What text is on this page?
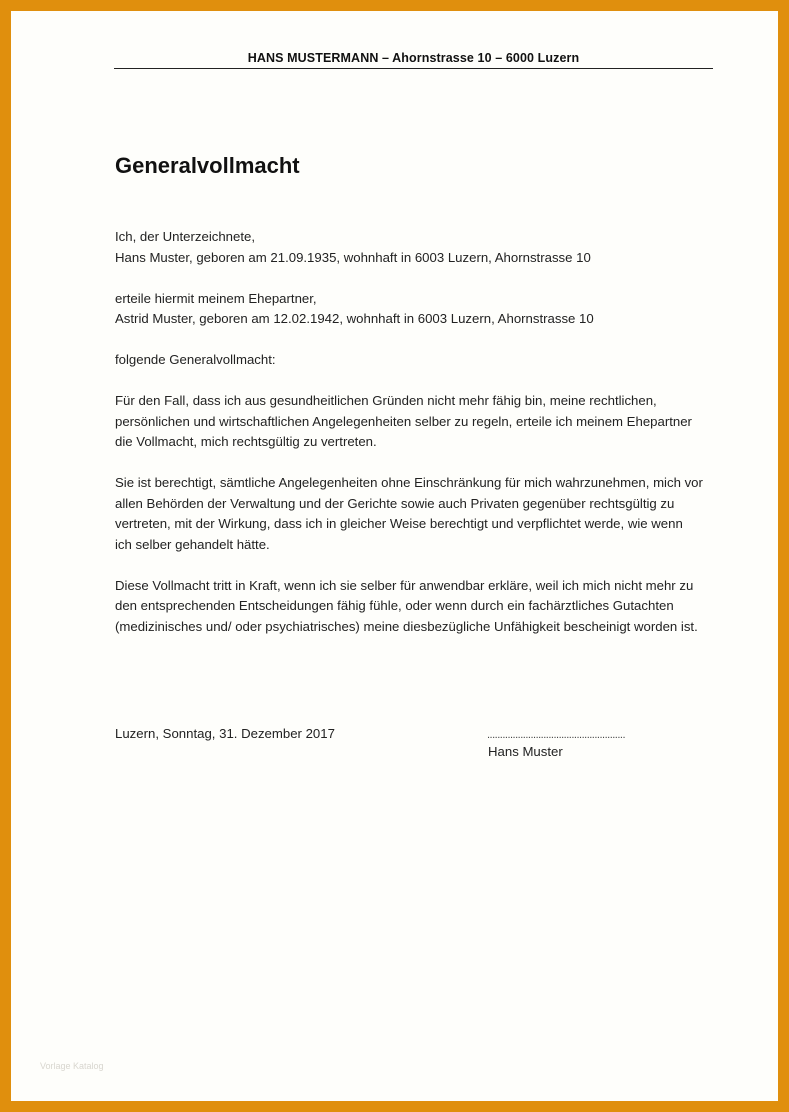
HANS MUSTERMANN – Ahornstrasse 10 – 6000 Luzern
Generalvollmacht

Ich, der Unterzeichnete,
Hans Muster, geboren am 21.09.1935, wohnhaft in 6003 Luzern, Ahornstrasse 10

erteile hiermit meinem Ehepartner,
Astrid Muster, geboren am 12.02.1942, wohnhaft in 6003 Luzern, Ahornstrasse 10

folgende Generalvollmacht:

Für den Fall, dass ich aus gesundheitlichen Gründen nicht mehr fähig bin, meine rechtlichen,
persönlichen und wirtschaftlichen Angelegenheiten selber zu regeln, erteile ich meinem Ehepartner
die Vollmacht, mich rechtsgültig zu vertreten.

Sie ist berechtigt, sämtliche Angelegenheiten ohne Einschränkung für mich wahrzunehmen, mich vor
allen Behörden der Verwaltung und der Gerichte sowie auch Privaten gegenüber rechtsgültig zu
vertreten, mit der Wirkung, dass ich in gleicher Weise berechtigt und verpflichtet werde, wie wenn
ich selber gehandelt hätte.

Diese Vollmacht tritt in Kraft, wenn ich sie selber für anwendbar erkläre, weil ich mich nicht mehr zu
den entsprechenden Entscheidungen fähig fühle, oder wenn durch ein fachärztliches Gutachten
(medizinisches und/ oder psychiatrisches) meine diesbezügliche Unfähigkeit bescheinigt worden ist.

Luzern, Sonntag, 31. Dezember 2017	......................................................
Hans Muster
Vorlage Katalog
